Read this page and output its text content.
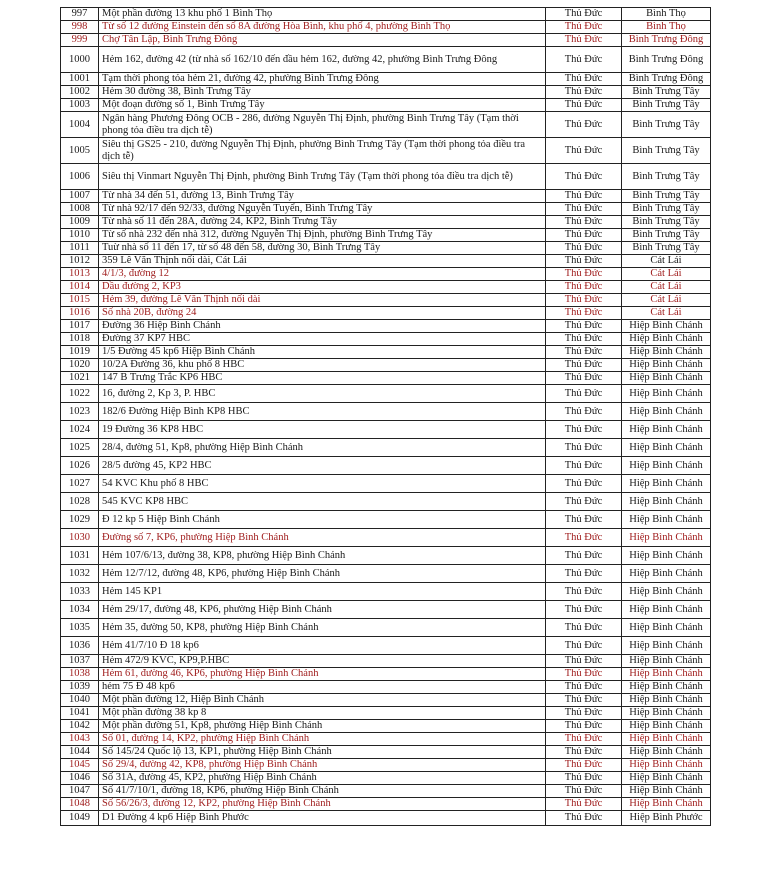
997	Một phần đường 13 khu phố 1 Bình Thọ	Thủ Đức	Bình Thọ
998	Từ số 12 đường Einstein đến số 8A đường Hòa Bình, khu phố 4, phường Bình Thọ	Thủ Đức	Bình Thọ
999	Chợ Tân Lập, Bình Trưng Đông	Thủ Đức	Bình Trưng Đông
1000	Hẻm 162, đường 42 (từ nhà số 162/10 đến đầu hẻm 162, đường 42, phường Bình Trưng Đông	Thủ Đức	Bình Trưng Đông
1001	Tạm thời phong tỏa hẻm 21, đường 42, phường Bình Trưng Đông	Thủ Đức	Bình Trưng Đông
1002	Hẻm 30 đường 38, Bình Trưng Tây	Thủ Đức	Bình Trưng Tây
1003	Một đoạn đường số 1, Bình Trưng Tây	Thủ Đức	Bình Trưng Tây
1004	Ngân hàng Phương Đông OCB - 286, đường Nguyễn Thị Định, phường Bình Trưng Tây (Tạm thời phong tỏa điều tra dịch tễ)	Thủ Đức	Bình Trưng Tây
1005	Siêu thị GS25 - 210, đường Nguyễn Thị Định, phường Bình Trưng Tây (Tạm thời phong tỏa điều tra dịch tễ)	Thủ Đức	Bình Trưng Tây
1006	Siêu thị Vinmart Nguyễn Thị Định, phường Bình Trưng Tây (Tạm thời phong tỏa điều tra dịch tễ)	Thủ Đức	Bình Trưng Tây
1007	Từ nhà 34 đến 51, đường 13, Bình Trưng Tây	Thủ Đức	Bình Trưng Tây
1008	Từ nhà 92/17 đến 92/33, đường Nguyễn Tuyển, Bình Trưng Tây	Thủ Đức	Bình Trưng Tây
1009	Từ nhà số 11 đến 28A, đường 24, KP2, Bình Trưng Tây	Thủ Đức	Bình Trưng Tây
1010	Từ số nhà 232 đến nhà 312, đường Nguyễn Thị Định, phường Bình Trưng Tây	Thủ Đức	Bình Trưng Tây
1011	Tuừ nhà số 11 đến 17, từ số 48 đến 58, đường 30, Bình Trưng Tây	Thủ Đức	Bình Trưng Tây
1012	359 Lê Văn Thịnh nối dài, Cát Lái	Thủ Đức	Cát Lái
1013	4/1/3, đường 12	Thủ Đức	Cát Lái
1014	Dầu đường 2, KP3	Thủ Đức	Cát Lái
1015	Hẻm 39, đường Lê Văn Thịnh nối dài	Thủ Đức	Cát Lái
1016	Số nhà 20B, đường 24	Thủ Đức	Cát Lái
1017	Đường 36 Hiệp Bình Chánh	Thủ Đức	Hiệp Bình Chánh
1018	Đường 37 KP7 HBC	Thủ Đức	Hiệp Bình Chánh
1019	1/5 Đường 45 kp6 Hiệp Bình Chánh	Thủ Đức	Hiệp Bình Chánh
1020	10/2A Đường 36, khu phố 8 HBC	Thủ Đức	Hiệp Bình Chánh
1021	147 B Trưng Trắc KP6 HBC	Thủ Đức	Hiệp Bình Chánh
1022	16, đường 2, Kp 3, P. HBC	Thủ Đức	Hiệp Bình Chánh
1023	182/6 Đường Hiệp Bình KP8 HBC	Thủ Đức	Hiệp Bình Chánh
1024	19 Đường 36 KP8 HBC	Thủ Đức	Hiệp Bình Chánh
1025	28/4, đường 51, Kp8, phường Hiệp Bình Chánh	Thủ Đức	Hiệp Bình Chánh
1026	28/5 đường 45, KP2 HBC	Thủ Đức	Hiệp Bình Chánh
1027	54 KVC Khu phố 8 HBC	Thủ Đức	Hiệp Bình Chánh
1028	545 KVC KP8 HBC	Thủ Đức	Hiệp Bình Chánh
1029	Đ 12 kp 5 Hiệp Bình Chánh	Thủ Đức	Hiệp Bình Chánh
1030	Đường số 7, KP6, phường Hiệp Bình Chánh	Thủ Đức	Hiệp Bình Chánh
1031	Hẻm 107/6/13, đường 38, KP8, phường Hiệp Bình Chánh	Thủ Đức	Hiệp Bình Chánh
1032	Hẻm 12/7/12, đường 48, KP6, phường Hiệp Bình Chánh	Thủ Đức	Hiệp Bình Chánh
1033	Hẻm 145 KP1	Thủ Đức	Hiệp Bình Chánh
1034	Hẻm 29/17, đường 48, KP6, phường Hiệp Bình Chánh	Thủ Đức	Hiệp Bình Chánh
1035	Hẻm 35, đường 50, KP8, phường Hiệp Bình Chánh	Thủ Đức	Hiệp Bình Chánh
1036	Hẻm 41/7/10 Đ 18 kp6	Thủ Đức	Hiệp Bình Chánh
1037	Hẻm 472/9 KVC, KP9,P.HBC	Thủ Đức	Hiệp Bình Chánh
1038	Hẻm 61, đường 46, KP6, phường Hiệp Bình Chánh	Thủ Đức	Hiệp Bình Chánh
1039	hẻm 75 Đ 48 kp6	Thủ Đức	Hiệp Bình Chánh
1040	Một phần đường 12, Hiệp Bình Chánh	Thủ Đức	Hiệp Bình Chánh
1041	Một phần đường 38 kp 8	Thủ Đức	Hiệp Bình Chánh
1042	Một phần đường 51, Kp8, phường Hiệp Bình Chánh	Thủ Đức	Hiệp Bình Chánh
1043	Số 01, đường 14, KP2, phường Hiệp Bình Chánh	Thủ Đức	Hiệp Bình Chánh
1044	Số 145/24 Quốc lộ 13, KP1, phường Hiệp Bình Chánh	Thủ Đức	Hiệp Bình Chánh
1045	Số 29/4, đường 42, KP8, phường Hiệp Bình Chánh	Thủ Đức	Hiệp Bình Chánh
1046	Số 31A, đường 45, KP2, phường Hiệp Bình Chánh	Thủ Đức	Hiệp Bình Chánh
1047	Số 41/7/10/1, đường 18, KP6, phường Hiệp Bình Chánh	Thủ Đức	Hiệp Bình Chánh
1048	Số 56/26/3, đường 12, KP2, phường Hiệp Bình Chánh	Thủ Đức	Hiệp Bình Chánh
1049	D1 Đường 4 kp6 Hiệp Bình Phước	Thủ Đức	Hiệp Bình Phước
